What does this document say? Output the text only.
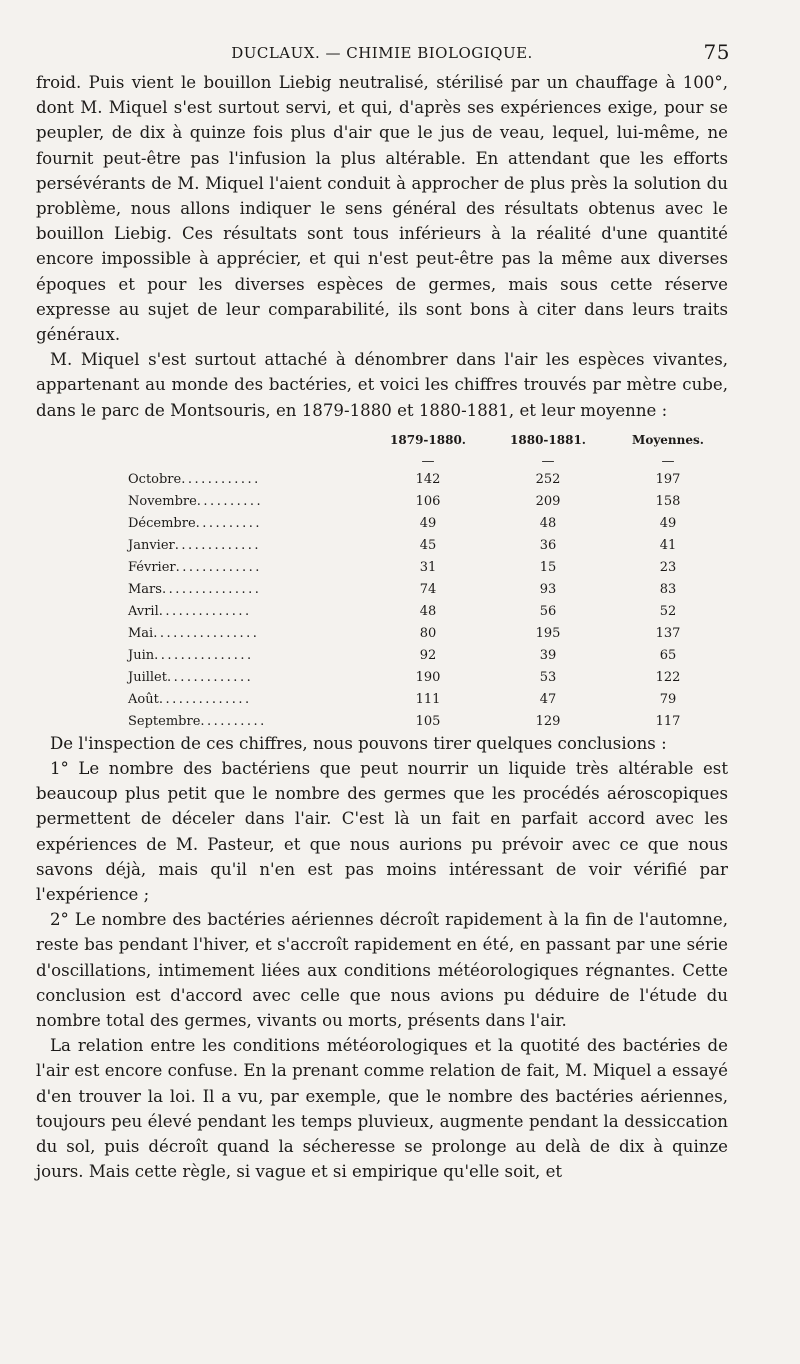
DUCLAUX. — CHIMIE BIOLOGIQUE.	75

froid. Puis vient le bouillon Liebig neutralisé, stérilisé par un chauffage à 100°, dont M. Miquel s'est surtout servi, et qui, d'après ses expériences exige, pour se peupler, de dix à quinze fois plus d'air que le jus de veau, lequel, lui-même, ne fournit peut-être pas l'infusion la plus altérable. En attendant que les efforts persévérants de M. Miquel l'aient conduit à approcher de plus près la solution du problème, nous allons indiquer le sens général des résultats obtenus avec le bouillon Liebig. Ces résultats sont tous inférieurs à la réalité d'une quantité encore impossible à apprécier, et qui n'est peut-être pas la même aux diverses époques et pour les diverses espèces de germes, mais sous cette réserve expresse au sujet de leur comparabilité, ils sont bons à citer dans leurs traits généraux.

M. Miquel s'est surtout attaché à dénombrer dans l'air les espèces vivantes, appartenant au monde des bactéries, et voici les chiffres trouvés par mètre cube, dans le parc de Montsouris, en 1879-1880 et 1880-1881, et leur moyenne :

	1879-1880.	1880-1881.	Moyennes.
	—	—	—
Octobre............	142	252	197
Novembre..........	106	209	158
Décembre..........	49	48	49
Janvier.............	45	36	41
Février.............	31	15	23
Mars...............	74	93	83
Avril..............	48	56	52
Mai................	80	195	137
Juin...............	92	39	65
Juillet.............	190	53	122
Août..............	111	47	79
Septembre..........	105	129	117

De l'inspection de ces chiffres, nous pouvons tirer quelques conclusions :

1° Le nombre des bactériens que peut nourrir un liquide très altérable est beaucoup plus petit que le nombre des germes que les procédés aéroscopiques permettent de déceler dans l'air. C'est là un fait en parfait accord avec les expériences de M. Pasteur, et que nous aurions pu prévoir avec ce que nous savons déjà, mais qu'il n'en est pas moins intéressant de voir vérifié par l'expérience ;

2° Le nombre des bactéries aériennes décroît rapidement à la fin de l'automne, reste bas pendant l'hiver, et s'accroît rapidement en été, en passant par une série d'oscillations, intimement liées aux conditions météorologiques régnantes. Cette conclusion est d'accord avec celle que nous avions pu déduire de l'étude du nombre total des germes, vivants ou morts, présents dans l'air.

La relation entre les conditions météorologiques et la quotité des bactéries de l'air est encore confuse. En la prenant comme relation de fait, M. Miquel a essayé d'en trouver la loi. Il a vu, par exemple, que le nombre des bactéries aériennes, toujours peu élevé pendant les temps pluvieux, augmente pendant la dessiccation du sol, puis décroît quand la sécheresse se prolonge au delà de dix à quinze jours. Mais cette règle, si vague et si empirique qu'elle soit, et
